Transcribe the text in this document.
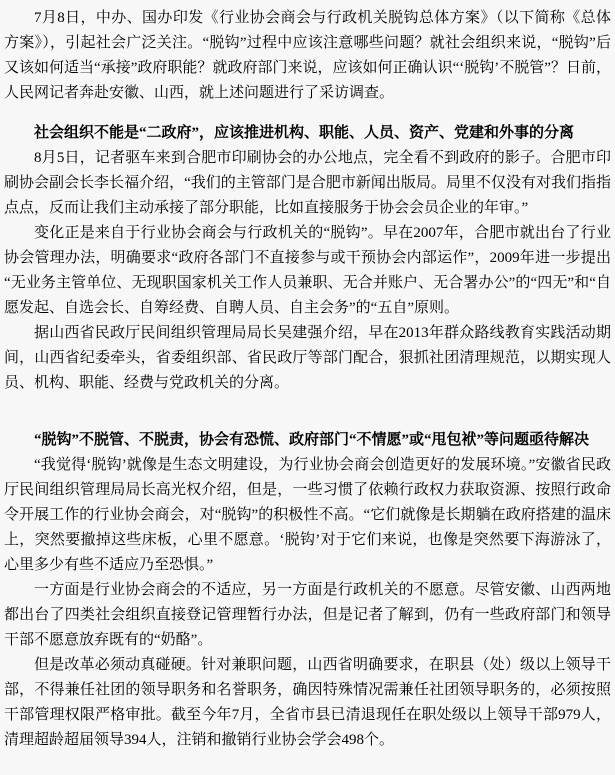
7月8日，中办、国办印发《行业协会商会与行政机关脱钩总体方案》（以下简称《总体方案》），引起社会广泛关注。“脱钩”过程中应该注意哪些问题？就社会组织来说，“脱钩”后又该如何适当“承接”政府职能？就政府部门来说，应该如何正确认识“‘脱钩’不脱管”？日前，人民网记者奔赴安徽、山西，就上述问题进行了采访调查。

社会组织不能是“二政府”，应该推进机构、职能、人员、资产、党建和外事的分离

8月5日，记者驱车来到合肥市印刷协会的办公地点，完全看不到政府的影子。合肥市印刷协会副会长李长福介绍，“我们的主管部门是合肥市新闻出版局。局里不仅没有对我们指指点点，反而让我们主动承接了部分职能，比如直接服务于协会会员企业的年审。”

变化正是来自于行业协会商会与行政机关的“脱钩”。早在2007年，合肥市就出台了行业协会管理办法，明确要求“政府各部门不直接参与或干预协会内部运作”，2009年进一步提出“无业务主管单位、无现职国家机关工作人员兼职、无合并账户、无合署办公”的“四无”和“自愿发起、自选会长、自筹经费、自聘人员、自主会务”的“五自”原则。

据山西省民政厅民间组织管理局局长吴建强介绍，早在2013年群众路线教育实践活动期间，山西省纪委牵头，省委组织部、省民政厅等部门配合，狠抓社团清理规范，以期实现人员、机构、职能、经费与党政机关的分离。

“脱钩”不脱管、不脱责，协会有恐慌、政府部门“不情愿”或“甩包袱”等问题亟待解决

“我觉得‘脱钩’就像是生态文明建设，为行业协会商会创造更好的发展环境。”安徽省民政厅民间组织管理局局长高光权介绍，但是，一些习惯了依赖行政权力获取资源、按照行政命令开展工作的行业协会商会，对“脱钩”的积极性不高。“它们就像是长期躺在政府搭建的温床上，突然要撤掉这些床板，心里不愿意。‘脱钩’对于它们来说，也像是突然要下海游泳了，心里多少有些不适应乃至恐惧。”

一方面是行业协会商会的不适应，另一方面是行政机关的不愿意。尽管安徽、山西两地都出台了四类社会组织直接登记管理暂行办法，但是记者了解到，仍有一些政府部门和领导干部不愿意放弃既有的“奶酪”。

但是改革必须动真碰硬。针对兼职问题，山西省明确要求，在职县（处）级以上领导干部，不得兼任社团的领导职务和名誉职务，确因特殊情况需兼任社团领导职务的，必须按照干部管理权限严格审批。截至今年7月，全省市县已清退现任在职处级以上领导干部979人，清理超龄超届领导394人，注销和撤销行业协会学会498个。
